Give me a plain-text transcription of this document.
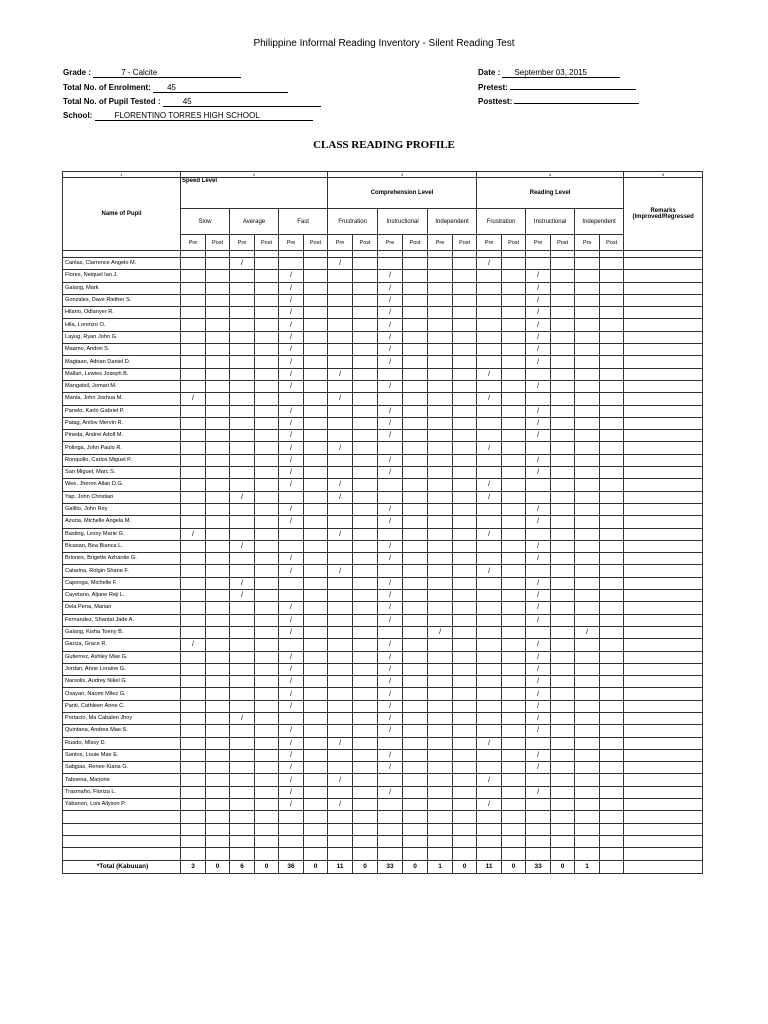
Philippine Informal Reading Inventory - Silent Reading Test
Grade :	7 - Calcite
Total No. of Enrolment: 45
Total No. of Pupil Tested :	45
School:	FLORENTINO TORRES HIGH SCHOOL
Date : September 03, 2015
Pretest:
Posttest:
CLASS READING PROFILE
1	2						3						4						5
Name of Pupil	Speed Level						Comprehension Level						Reading Level						Remarks (Improved/Regressed
	Slow		Average		Fast		Frustration		Instructional		Independent		Frustration		Instructional		Independent		
	Pre	Post	Pre	Post	Pre	Post	Pre	Post	Pre	Post	Pre	Post	Pre	Post	Pre	Post	Pre	Post	

Canlas, Clarrence Angelo M.			/				/						/						
Flores, Neiquel Ian J.					/				/						/				
Galang, Mark					/				/						/				
Gonzales, Dave Riether S.					/				/						/				
Hilario, Odlanyer R.					/				/						/				
Hila, Lorenzo O.					/				/						/				
Layug, Ryan John G.					/				/						/				
Maamo, Andrei S.					/				/						/				
Magtaan, Adrian Daniel D.					/				/						/				
Mallari, Lewies Joseph B.					/		/						/						
Mangatsil, Jomari M.					/				/						/				
Mania, John Joshua M.	/						/						/						
Panelo, Karlo Gabriel P.					/				/						/				
Patag, Anilov Mervin R.					/				/						/				
Pineda, Andrei Adolf M.					/				/						/				
Polinga, John Paulo R.					/		/						/						
Ronquillo, Carlos Miguel P.					/				/						/				
San Miguel, Marc S.					/				/						/				
Wee, Jheron Allan D.G.					/		/						/						
Yap, John Christian			/				/						/						
Gallito, John Rey					/				/						/				
Azuria, Michelle Angela M.					/				/						/				
Basting, Lexxy Marie G.	/						/						/						
Bicasan, Bea Bianca L.			/						/						/				
Briones, Brigette Azhantie G.					/				/						/				
Catarina, Rolgin Shane F.					/		/						/						
Caponga, Michelle F.			/						/						/				
Cayetano, Aljane Reji L.			/						/						/				
Dela Pena, Marian					/				/						/				
Fernandez, Shantal Jade A.					/				/						/				
Galang, Kisha Toeny B.					/						/						/		
Garcia, Grace R.	/								/						/				
Gutierrez, Ashley Mae G.					/				/						/				
Jordan, Anne Loraine G.					/				/						/				
Narsolis, Audrey Nikel G.					/				/						/				
Osayan, Naomi Milez G.					/				/						/				
Panti, Cathleen Anne C.					/				/						/				
Portacio, Ma Cabalen Jhoy			/						/						/				
Quintana, Andrea Mae S.					/				/						/				
Ruado, Missy D.					/		/						/						
Santos, Louie Mae E.					/				/						/				
Sabjpas, Renee Kiana G.					/				/						/				
Taboena, Marjorie					/		/						/						
Trasmaño, Floriza L.					/				/						/				
Yabanon, Lois Allyson P.					/		/						/						

*Total (Kabuuan)	3	0	6	0	36	0	11	0	33	0	1	0	11	0	33	0	1		
